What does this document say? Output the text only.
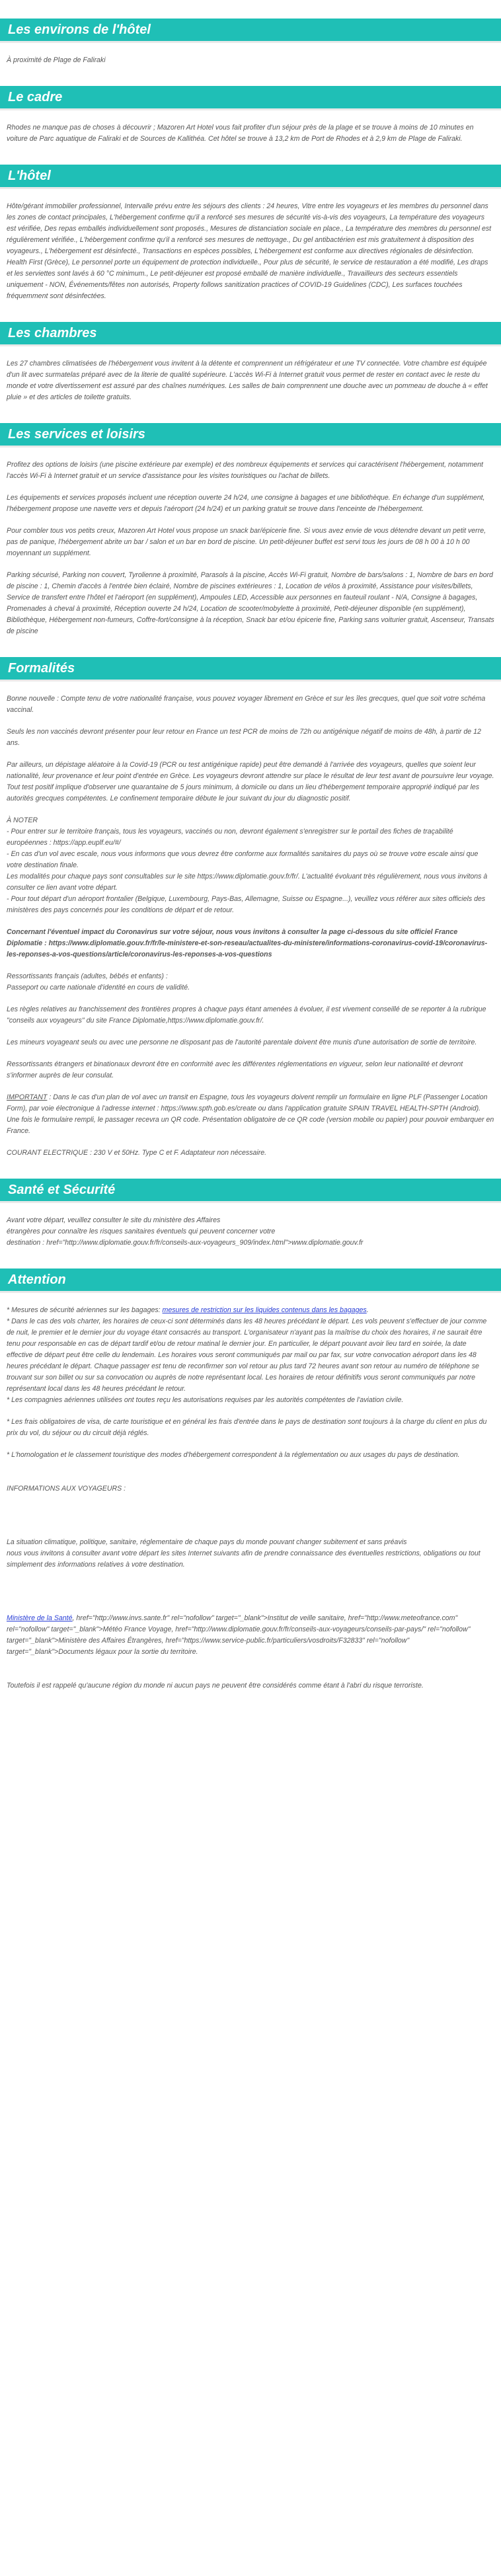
Les environs de l'hôtel

À proximité de Plage de Faliraki

Le cadre

Rhodes ne manque pas de choses à découvrir ; Mazoren Art Hotel vous fait profiter d'un séjour près de la plage et se trouve à moins de 10 minutes en voiture de Parc aquatique de Faliraki et de Sources de Kallithéa. Cet hôtel se trouve à 13,2 km de Port de Rhodes et à 2,9 km de Plage de Faliraki.

L'hôtel

Hôte/gérant immobilier professionnel, Intervalle prévu entre les séjours des clients : 24 heures, Vitre entre les voyageurs et les membres du personnel dans les zones de contact principales, L'hébergement confirme qu'il a renforcé ses mesures de sécurité vis-à-vis des voyageurs, La température des voyageurs est vérifiée, Des repas emballés individuellement sont proposés., Mesures de distanciation sociale en place., La température des membres du personnel est régulièrement vérifiée., L'hébergement confirme qu'il a renforcé ses mesures de nettoyage., Du gel antibactérien est mis gratuitement à disposition des voyageurs., L'hébergement est désinfecté., Transactions en espèces possibles, L'hébergement est conforme aux directives régionales de désinfection. Health First (Grèce), Le personnel porte un équipement de protection individuelle., Pour plus de sécurité, le service de restauration a été modifié, Les draps et les serviettes sont lavés à 60 °C minimum., Le petit-déjeuner est proposé emballé de manière individuelle., Travailleurs des secteurs essentiels uniquement - NON, Événements/fêtes non autorisés, Property follows sanitization practices of COVID-19 Guidelines (CDC), Les surfaces touchées fréquemment sont désinfectées.

Les chambres

Les 27 chambres climatisées de l'hébergement vous invitent à la détente et comprennent un réfrigérateur et une TV connectée. Votre chambre est équipée d'un lit avec surmatelas préparé avec de la literie de qualité supérieure. L'accès Wi-Fi à Internet gratuit vous permet de rester en contact avec le reste du monde et votre divertissement est assuré par des chaînes numériques. Les salles de bain comprennent une douche avec un pommeau de douche à « effet pluie » et des articles de toilette gratuits.

Les services et loisirs

Profitez des options de loisirs (une piscine extérieure par exemple) et des nombreux équipements et services qui caractérisent l'hébergement, notamment l'accès Wi-Fi à Internet gratuit et un service d'assistance pour les visites touristiques ou l'achat de billets.

Les équipements et services proposés incluent une réception ouverte 24 h/24, une consigne à bagages et une bibliothèque. En échange d'un supplément, l'hébergement propose une navette vers et depuis l'aéroport (24 h/24) et un parking gratuit se trouve dans l'enceinte de l'hébergement.

Pour combler tous vos petits creux, Mazoren Art Hotel vous propose un snack bar/épicerie fine. Si vous avez envie de vous détendre devant un petit verre, pas de panique, l'hébergement abrite un bar / salon et un bar en bord de piscine. Un petit-déjeuner buffet est servi tous les jours de 08 h 00 à 10 h 00 moyennant un supplément.

Parking sécurisé, Parking non couvert, Tyrolienne à proximité, Parasols à la piscine, Accès Wi-Fi gratuit, Nombre de bars/salons : 1, Nombre de bars en bord de piscine : 1, Chemin d'accès à l'entrée bien éclairé, Nombre de piscines extérieures : 1, Location de vélos à proximité, Assistance pour visites/billets, Service de transfert entre l'hôtel et l'aéroport (en supplément), Ampoules LED, Accessible aux personnes en fauteuil roulant - N/A, Consigne à bagages, Promenades à cheval à proximité, Réception ouverte 24 h/24, Location de scooter/mobylette à proximité, Petit-déjeuner disponible (en supplément), Bibliothèque, Hébergement non-fumeurs, Coffre-fort/consigne à la réception, Snack bar et/ou épicerie fine, Parking sans voiturier gratuit, Ascenseur, Transats de piscine

Formalités

Bonne nouvelle : Compte tenu de votre nationalité française, vous pouvez voyager librement en Grèce et sur les îles grecques, quel que soit votre schéma vaccinal.

Seuls les non vaccinés devront présenter pour leur retour en France un test PCR de moins de 72h ou antigénique négatif de moins de 48h, à partir de 12 ans.

Par ailleurs, un dépistage aléatoire à la Covid-19 (PCR ou test antigénique rapide) peut être demandé à l'arrivée des voyageurs, quelles que soient leur nationalité, leur provenance et leur point d'entrée en Grèce. Les voyageurs devront attendre sur place le résultat de leur test avant de poursuivre leur voyage. Tout test positif implique d'observer une quarantaine de 5 jours minimum, à domicile ou dans un lieu d'hébergement temporaire approprié indiqué par les autorités grecques compétentes. Le confinement temporaire débute le jour suivant du jour du diagnostic positif.

À NOTER

- Pour entrer sur le territoire français, tous les voyageurs, vaccinés ou non, devront également s'enregistrer sur le portail des fiches de traçabilité européennes : https://app.euplf.eu/#/

- En cas d'un vol avec escale, nous vous informons que vous devrez être conforme aux formalités sanitaires du pays où se trouve votre escale ainsi que votre destination finale.

Les modalités pour chaque pays sont consultables sur le site https://www.diplomatie.gouv.fr/fr/. L'actualité évoluant très régulièrement, nous vous invitons à consulter ce lien avant votre départ.

- Pour tout départ d'un aéroport frontalier (Belgique, Luxembourg, Pays-Bas, Allemagne, Suisse ou Espagne...), veuillez vous référer aux sites officiels des ministères des pays concernés pour les conditions de départ et de retour.

Concernant l'éventuel impact du Coronavirus sur votre séjour, nous vous invitons à consulter la page ci-dessous du site officiel France Diplomatie : https://www.diplomatie.gouv.fr/fr/le-ministere-et-son-reseau/actualites-du-ministere/informations-coronavirus-covid-19/coronavirus-les-reponses-a-vos-questions/article/coronavirus-les-reponses-a-vos-questions

Ressortissants français (adultes, bébés et enfants) :

Passeport ou carte nationale d'identité en cours de validité.

Les règles relatives au franchissement des frontières propres à chaque pays étant amenées à évoluer, il est vivement conseillé de se reporter à la rubrique "conseils aux voyageurs" du site France Diplomatie,https://www.diplomatie.gouv.fr/.

Les mineurs voyageant seuls ou avec une personne ne disposant pas de l'autorité parentale doivent être munis d'une autorisation de sortie de territoire.

Ressortissants étrangers et binationaux devront être en conformité avec les différentes réglementations en vigueur, selon leur nationalité et devront s'informer auprès de leur consulat.

IMPORTANT : Dans le cas d'un plan de vol avec un transit en Espagne, tous les voyageurs doivent remplir un formulaire en ligne PLF (Passenger Location Form), par voie électronique à l'adresse internet : https://www.spth.gob.es/create ou dans l'application gratuite SPAIN TRAVEL HEALTH-SPTH (Android). Une fois le formulaire rempli, le passager recevra un QR code. Présentation obligatoire de ce QR code (version mobile ou papier) pour pouvoir embarquer en France.

COURANT ELECTRIQUE : 230 V et 50Hz. Type C et F. Adaptateur non nécessaire.

Santé et Sécurité

Avant votre départ, veuillez consulter le site du ministère des Affaires

étrangères pour connaître les risques sanitaires éventuels qui peuvent concerner votre

destination : href="http://www.diplomatie.gouv.fr/fr/conseils-aux-voyageurs_909/index.html">www.diplomatie.gouv.fr

Attention

* Mesures de sécurité aériennes sur les bagages: mesures de restriction sur les liquides contenus dans les bagages.

* Dans le cas des vols charter, les horaires de ceux-ci sont déterminés dans les 48 heures précédant le départ. Les vols peuvent s'effectuer de jour comme de nuit, le premier et le dernier jour du voyage étant consacrés au transport. L'organisateur n'ayant pas la maîtrise du choix des horaires, il ne saurait être tenu pour responsable en cas de départ tardif et/ou de retour matinal le dernier jour. En particulier, le départ pouvant avoir lieu tard en soirée, la date effective de départ peut être celle du lendemain. Les horaires vous seront communiqués par mail ou par fax, sur votre convocation aéroport dans les 48 heures précédant le départ. Chaque passager est tenu de reconfirmer son vol retour au plus tard 72 heures avant son retour au numéro de téléphone se trouvant sur son billet ou sur sa convocation ou auprès de notre représentant local. Les horaires de retour définitifs vous seront communiqués par notre représentant local dans les 48 heures précédant le retour.

* Les compagnies aériennes utilisées ont toutes reçu les autorisations requises par les autorités compétentes de l'aviation civile.

* Les frais obligatoires de visa, de carte touristique et en général les frais d'entrée dans le pays de destination sont toujours à la charge du client en plus du prix du vol, du séjour ou du circuit déjà réglés.

* L'homologation et le classement touristique des modes d'hébergement correspondent à la réglementation ou aux usages du pays de destination.

INFORMATIONS AUX VOYAGEURS :

La situation climatique, politique, sanitaire, réglementaire de chaque pays du monde pouvant changer subitement et sans préavis

nous vous invitons à consulter avant votre départ les sites Internet suivants afin de prendre connaissance des éventuelles restrictions, obligations ou tout simplement des informations relatives à votre destination.

Ministère de la Santé, href="http://www.invs.sante.fr" rel="nofollow" target="_blank">Institut de veille sanitaire, href="http://www.meteofrance.com" rel="nofollow" target="_blank">Météo France Voyage, href="http://www.diplomatie.gouv.fr/fr/conseils-aux-voyageurs/conseils-par-pays/" rel="nofollow" target="_blank">Ministère des Affaires Étrangères, href="https://www.service-public.fr/particuliers/vosdroits/F32833" rel="nofollow" target="_blank">Documents légaux pour la sortie du territoire.

Toutefois il est rappelé qu'aucune région du monde ni aucun pays ne peuvent être considérés comme étant à l'abri du risque terroriste.
